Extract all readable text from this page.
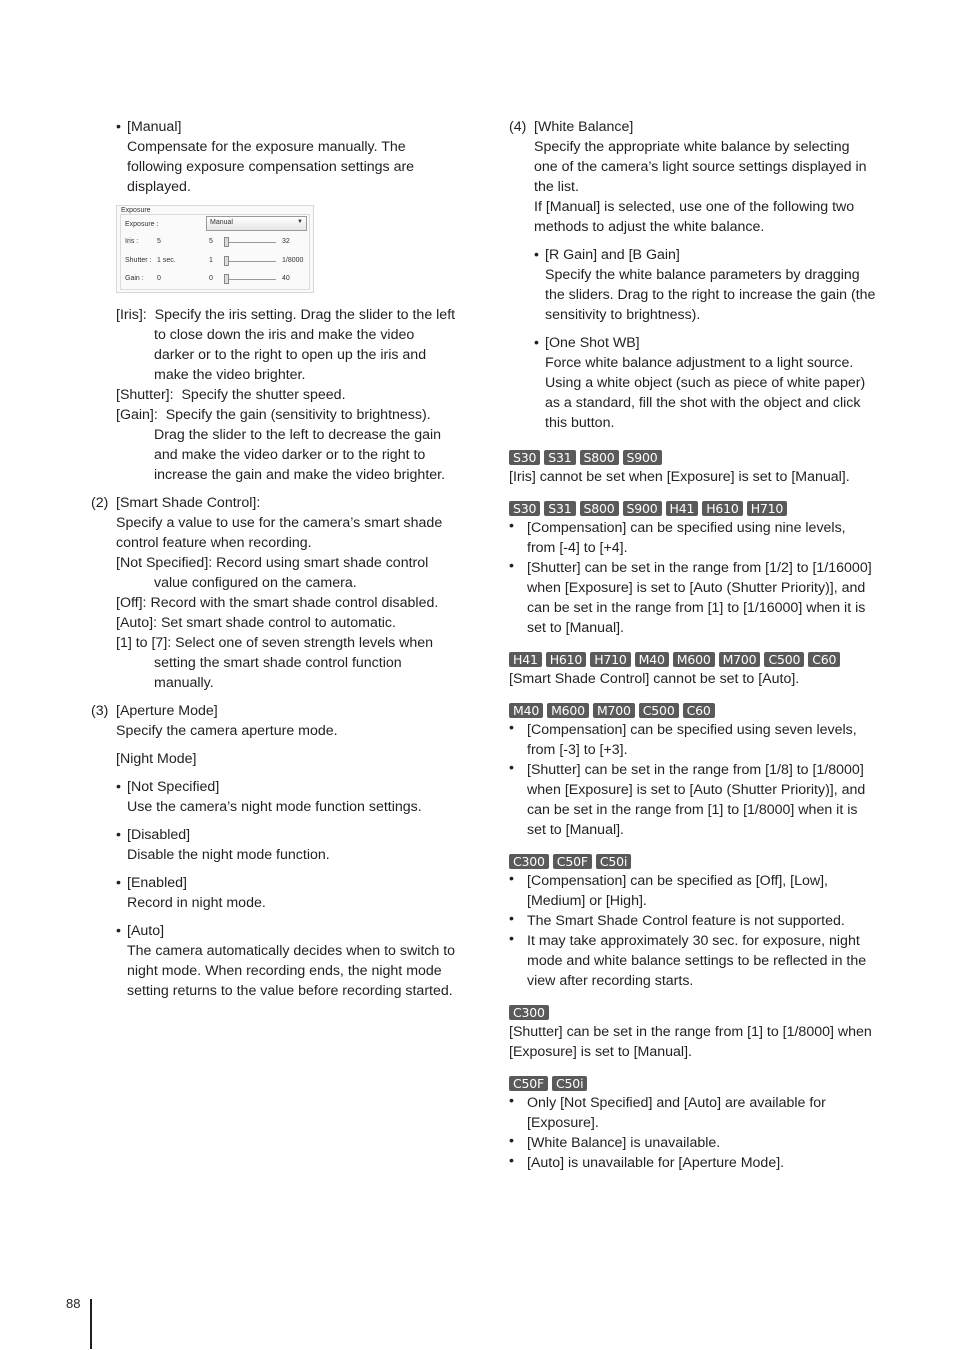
• [Manual]
Compensate for the exposure manually. The
following exposure compensation settings are
displayed.
Exposure
Exposure :	Manual	▼
Iris :	5	5	32
Shutter : 1 sec.	1	1/8000
Gain : 0	0	40
[Iris]: Specify the iris setting. Drag the slider to the left
to close down the iris and make the video
darker or to the right to open up the iris and
make the video brighter.
[Shutter]: Specify the shutter speed.
[Gain]: Specify the gain (sensitivity to brightness).
Drag the slider to the left to decrease the gain
and make the video darker or to the right to
increase the gain and make the video brighter.
(2) [Smart Shade Control]:
Specify a value to use for the camera’s smart shade
control feature when recording.
[Not Specified]: Record using smart shade control
value configured on the camera.
[Off]: Record with the smart shade control disabled.
[Auto]: Set smart shade control to automatic.
[1] to [7]: Select one of seven strength levels when
setting the smart shade control function
manually.
(3) [Aperture Mode]
Specify the camera aperture mode.
[Night Mode]
• [Not Specified]
Use the camera’s night mode function settings.
• [Disabled]
Disable the night mode function.
• [Enabled]
Record in night mode.
• [Auto]
The camera automatically decides when to switch to
night mode. When recording ends, the night mode
setting returns to the value before recording started.
(4) [White Balance]
Specify the appropriate white balance by selecting
one of the camera’s light source settings displayed in
the list.
If [Manual] is selected, use one of the following two
methods to adjust the white balance.
• [R Gain] and [B Gain]
Specify the white balance parameters by dragging
the sliders. Drag to the right to increase the gain (the
sensitivity to brightness).
• [One Shot WB]
Force white balance adjustment to a light source.
Using a white object (such as piece of white paper)
as a standard, fill the shot with the object and click
this button.
S30 S31 S800 S900
[Iris] cannot be set when [Exposure] is set to [Manual].
S30 S31 S800 S900 H41 H610 H710
• [Compensation] can be specified using nine levels,
from [-4] to [+4].
• [Shutter] can be set in the range from [1/2] to [1/16000]
when [Exposure] is set to [Auto (Shutter Priority)], and
can be set in the range from [1] to [1/16000] when it is
set to [Manual].
H41 H610 H710 M40 M600 M700 C500 C60
[Smart Shade Control] cannot be set to [Auto].
M40 M600 M700 C500 C60
• [Compensation] can be specified using seven levels,
from [-3] to [+3].
• [Shutter] can be set in the range from [1/8] to [1/8000]
when [Exposure] is set to [Auto (Shutter Priority)], and
can be set in the range from [1] to [1/8000] when it is
set to [Manual].
C300 C50F C50i
• [Compensation] can be specified as [Off], [Low],
[Medium] or [High].
• The Smart Shade Control feature is not supported.
• It may take approximately 30 sec. for exposure, night
mode and white balance settings to be reflected in the
view after recording starts.
C300
[Shutter] can be set in the range from [1] to [1/8000] when
[Exposure] is set to [Manual].
C50F C50i
• Only [Not Specified] and [Auto] are available for
[Exposure].
• [White Balance] is unavailable.
• [Auto] is unavailable for [Aperture Mode].
88
